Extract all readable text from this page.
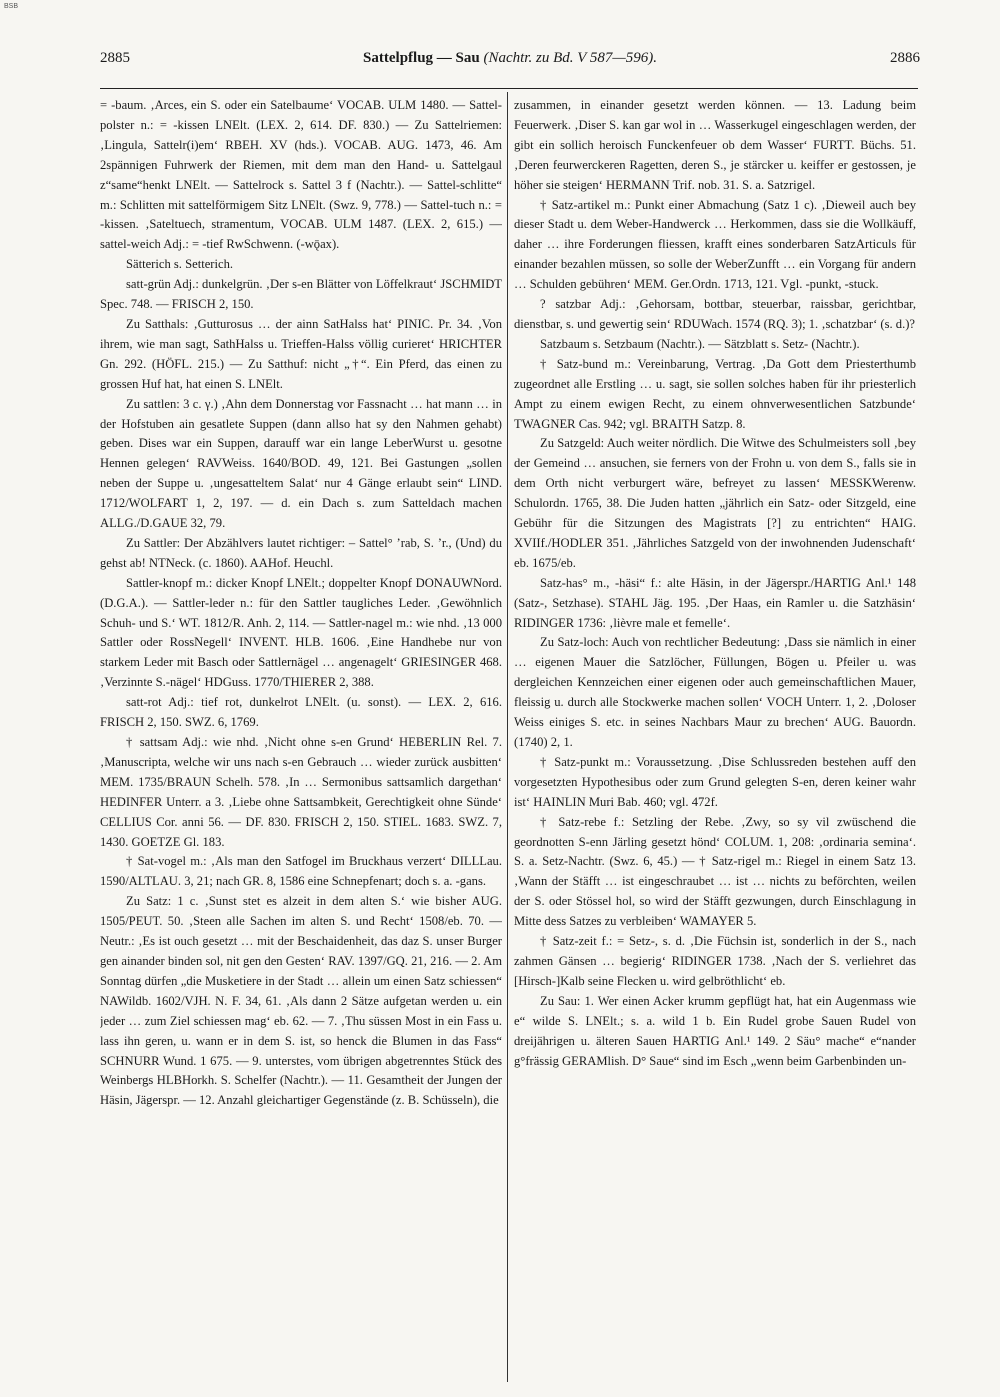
BSB
2885	Sattelpflug — Sau (Nachtr. zu Bd. V 587—596).	2886

= -baum. ‚Arces, ein S. oder ein Satelbaume‘ VOCAB. ULM 1480. — Sattel-polster n.: = -kissen LNElt. (LEX. 2, 614. DF. 830.) — Zu Sattelriemen: ‚Lingula, Sattelr(i)em‘ RBEH. XV (hds.). VOCAB. AUG. 1473, 46. Am 2spännigen Fuhrwerk der Riemen, mit dem man den Hand- u. Sattelgaul z“same“henkt LNElt. — Sattelrock s. Sattel 3 f (Nachtr.). — Sattel-schlitte“ m.: Schlitten mit sattelförmigem Sitz LNElt. (Swz. 9, 778.) — Sattel-tuch n.: = -kissen. ‚Sateltuech, stramentum, VOCAB. ULM 1487. (LEX. 2, 615.) — sattel-weich Adj.: = -tief RwSchwenn. (-wǭax).

Sätterich s. Setterich.

satt-grün Adj.: dunkelgrün. ‚Der s-en Blätter von Löffelkraut‘ JSCHMIDT Spec. 748. — FRISCH 2, 150.

Zu Satthals: ‚Gutturosus … der ainn SatHalss hat‘ PINIC. Pr. 34. ‚Von ihrem, wie man sagt, SathHalss u. Trieffen-Halss völlig curieret‘ HRICHTER Gn. 292. (HÖFL. 215.) — Zu Satthuf: nicht „†“. Ein Pferd, das einen zu grossen Huf hat, hat einen S. LNElt.

Zu sattlen: 3 c. γ.) ‚Ahn dem Donnerstag vor Fassnacht … hat mann … in der Hofstuben ain gesatlete Suppen (dann allso hat sy den Nahmen gehabt) geben. Dises war ein Suppen, darauff war ein lange LeberWurst u. gesotne Hennen gelegen‘ RAVWeiss. 1640/BOD. 49, 121. Bei Gastungen „sollen neben der Suppe u. ‚ungesatteltem Salat‘ nur 4 Gänge erlaubt sein“ LIND. 1712/WOLFART 1, 2, 197. — d. ein Dach s. zum Satteldach machen ALLG./D.GAUE 32, 79.

Zu Sattler: Der Abzählvers lautet richtiger: – Sattel° ’rab, S. ’r., (Und) du gehst ab! NTNeck. (c. 1860). AAHof. Heuchl.

Sattler-knopf m.: dicker Knopf LNElt.; doppelter Knopf DONAUWNord. (D.G.A.). — Sattler-leder n.: für den Sattler taugliches Leder. ‚Gewöhnlich Schuh- und S.‘ WT. 1812/R. Anh. 2, 114. — Sattler-nagel m.: wie nhd. ‚13 000 Sattler oder RossNegell‘ INVENT. HLB. 1606. ‚Eine Handhebe nur von starkem Leder mit Basch oder Sattlernägel … angenagelt‘ GRIESINGER 468. ‚Verzinnte S.-nägel‘ HDGuss. 1770/THIERER 2, 388.

satt-rot Adj.: tief rot, dunkelrot LNElt. (u. sonst). — LEX. 2, 616. FRISCH 2, 150. SWZ. 6, 1769.

† sattsam Adj.: wie nhd. ‚Nicht ohne s-en Grund‘ HEBERLIN Rel. 7. ‚Manuscripta, welche wir uns nach s-en Gebrauch … wieder zurück ausbitten‘ MEM. 1735/BRAUN Schelh. 578. ‚In … Sermonibus sattsamlich dargethan‘ HEDINFER Unterr. a 3. ‚Liebe ohne Sattsambkeit, Gerechtigkeit ohne Sünde‘ CELLIUS Cor. anni 56. — DF. 830. FRISCH 2, 150. STIEL. 1683. SWZ. 7, 1430. GOETZE Gl. 183.

† Sat-vogel m.: ‚Als man den Satfogel im Bruckhaus verzert‘ DILLLau. 1590/ALTLAU. 3, 21; nach GR. 8, 1586 eine Schnepfenart; doch s. a. -gans.

Zu Satz: 1 c. ‚Sunst stet es alzeit in dem alten S.‘ wie bisher AUG. 1505/PEUT. 50. ‚Steen alle Sachen im alten S. und Recht‘ 1508/eb. 70. — Neutr.: ‚Es ist ouch gesetzt … mit der Beschaidenheit, das daz S. unser Burger gen ainander binden sol, nit gen den Gesten‘ RAV. 1397/GQ. 21, 216. — 2. Am Sonntag dürfen „die Musketiere in der Stadt … allein um einen Satz schiessen“ NAWildb. 1602/VJH. N. F. 34, 61. ‚Als dann 2 Sätze aufgetan werden u. ein jeder … zum Ziel schiessen mag‘ eb. 62. — 7. ‚Thu süssen Most in ein Fass u. lass ihn geren, u. wann er in dem S. ist, so henck die Blumen in das Fass“ SCHNURR Wund. 1 675. — 9. unterstes, vom übrigen abgetrenntes Stück des Weinbergs HLBHorkh. S. Schelfer (Nachtr.). — 11. Gesamtheit der Jungen der Häsin, Jägerspr. — 12. Anzahl gleichartiger Gegenstände (z. B. Schüsseln), die

zusammen, in einander gesetzt werden können. — 13. Ladung beim Feuerwerk. ‚Diser S. kan gar wol in … Wasserkugel eingeschlagen werden, der gibt ein sollich heroisch Funckenfeuer ob dem Wasser‘ FURTT. Büchs. 51. ‚Deren feurwerckeren Ragetten, deren S., je stärcker u. keiffer er gestossen, je höher sie steigen‘ HERMANN Trif. nob. 31. S. a. Satzrigel.

† Satz-artikel m.: Punkt einer Abmachung (Satz 1 c). ‚Dieweil auch bey dieser Stadt u. dem Weber-Handwerck … Herkommen, dass sie die Wollkäuff, daher … ihre Forderungen fliessen, krafft eines sonderbaren SatzArticuls für einander bezahlen müssen, so solle der WeberZunfft … ein Vorgang für andern … Schulden gebühren‘ MEM. Ger.Ordn. 1713, 121. Vgl. -punkt, -stuck.

? satzbar Adj.: ‚Gehorsam, bottbar, steuerbar, raissbar, gerichtbar, dienstbar, s. und gewertig sein‘ RDUWach. 1574 (RQ. 3); 1. ‚schatzbar‘ (s. d.)?

Satzbaum s. Setzbaum (Nachtr.). — Sätzblatt s. Setz- (Nachtr.).

† Satz-bund m.: Vereinbarung, Vertrag. ‚Da Gott dem Priesterthumb zugeordnet alle Erstling … u. sagt, sie sollen solches haben für ihr priesterlich Ampt zu einem ewigen Recht, zu einem ohnverwesentlichen Satzbunde‘ TWAGNER Cas. 942; vgl. BRAITH Satzp. 8.

Zu Satzgeld: Auch weiter nördlich. Die Witwe des Schulmeisters soll ‚bey der Gemeind … ansuchen, sie ferners von der Frohn u. von dem S., falls sie in dem Orth nicht verburgert wäre, befreyet zu lassen‘ MESSKWerenw. Schulordn. 1765, 38. Die Juden hatten „jährlich ein Satz- oder Sitzgeld, eine Gebühr für die Sitzungen des Magistrats [?] zu entrichten“ HAIG. XVIIf./HODLER 351. ‚Jährliches Satzgeld von der inwohnenden Judenschaft‘ eb. 1675/eb.

Satz-has° m., -häsi“ f.: alte Häsin, in der Jägerspr./HARTIG Anl.¹ 148 (Satz-, Setzhase). STAHL Jäg. 195. ‚Der Haas, ein Ramler u. die Satzhäsin‘ RIDINGER 1736: ‚lièvre male et femelle‘.

Zu Satz-loch: Auch von rechtlicher Bedeutung: ‚Dass sie nämlich in einer … eigenen Mauer die Satzlöcher, Füllungen, Bögen u. Pfeiler u. was dergleichen Kennzeichen einer eigenen oder auch gemeinschaftlichen Mauer, fleissig u. durch alle Stockwerke machen sollen‘ VOCH Unterr. 1, 2. ‚Doloser Weiss einiges S. etc. in seines Nachbars Maur zu brechen‘ AUG. Bauordn. (1740) 2, 1.

† Satz-punkt m.: Voraussetzung. ‚Dise Schlussreden bestehen auff den vorgesetzten Hypothesibus oder zum Grund gelegten S-en, deren keiner wahr ist‘ HAINLIN Muri Bab. 460; vgl. 472f.

† Satz-rebe f.: Setzling der Rebe. ‚Zwy, so sy vil zwüschend die geordnotten S-enn Järling gesetzt hönd‘ COLUM. 1, 208: ‚ordinaria semina‘. S. a. Setz-Nachtr. (Swz. 6, 45.) — † Satz-rigel m.: Riegel in einem Satz 13. ‚Wann der Stäfft … ist eingeschraubet … ist … nichts zu beförchten, weilen der S. oder Stössel hol, so wird der Stäfft gezwungen, durch Einschlagung in Mitte dess Satzes zu verbleiben‘ WAMAYER 5.

† Satz-zeit f.: = Setz-, s. d. ‚Die Füchsin ist, sonderlich in der S., nach zahmen Gänsen … begierig‘ RIDINGER 1738. ‚Nach der S. verliehret das [Hirsch-]Kalb seine Flecken u. wird gelbröthlicht‘ eb.

Zu Sau: 1. Wer einen Acker krumm gepflügt hat, hat ein Augenmass wie e“ wilde S. LNElt.; s. a. wild 1 b. Ein Rudel grobe Sauen Rudel von dreijährigen u. älteren Sauen HARTIG Anl.¹ 149. 2 Säu° mache“ e“nander g°frässig GERAMlish. D° Saue“ sind im Esch „wenn beim Garbenbinden un-
